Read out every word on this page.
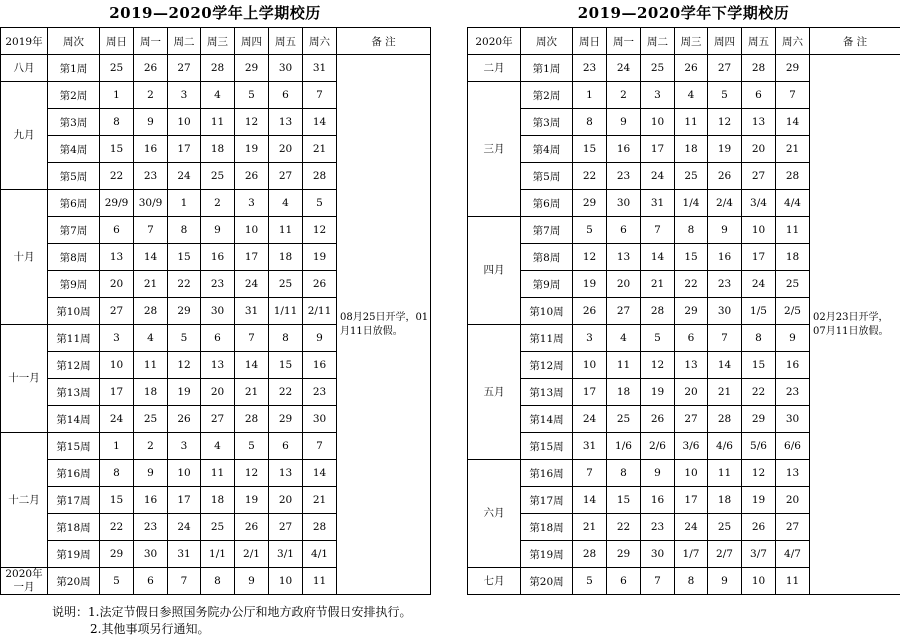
2019—2020学年上学期校历	2019—2020学年下学期校历
2019年	周次	周日	周一	周二	周三	周四	周五	周六	备 注
八月	第1周	25	26	27	28	29	30	31	08月25日开学，01月11日放假。
九月	第2周	1	2	3	4	5	6	7	
	第3周	8	9	10	11	12	13	14	
	第4周	15	16	17	18	19	20	21	
	第5周	22	23	24	25	26	27	28	
十月	第6周	29/9	30/9	1	2	3	4	5	
	第7周	6	7	8	9	10	11	12	
	第8周	13	14	15	16	17	18	19	
	第9周	20	21	22	23	24	25	26	
	第10周	27	28	29	30	31	1/11	2/11	
十一月	第11周	3	4	5	6	7	8	9	
	第12周	10	11	12	13	14	15	16	
	第13周	17	18	19	20	21	22	23	
	第14周	24	25	26	27	28	29	30	
十二月	第15周	1	2	3	4	5	6	7	
	第16周	8	9	10	11	12	13	14	
	第17周	15	16	17	18	19	20	21	
	第18周	22	23	24	25	26	27	28	
	第19周	29	30	31	1/1	2/1	3/1	4/1	
2020年一月	第20周	5	6	7	8	9	10	11	
2020年	周次	周日	周一	周二	周三	周四	周五	周六	备 注
二月	第1周	23	24	25	26	27	28	29	02月23日开学，07月11日放假。
三月	第2周	1	2	3	4	5	6	7	
	第3周	8	9	10	11	12	13	14	
	第4周	15	16	17	18	19	20	21	
	第5周	22	23	24	25	26	27	28	
	第6周	29	30	31	1/4	2/4	3/4	4/4	
四月	第7周	5	6	7	8	9	10	11	
	第8周	12	13	14	15	16	17	18	
	第9周	19	20	21	22	23	24	25	
	第10周	26	27	28	29	30	1/5	2/5	
五月	第11周	3	4	5	6	7	8	9	
	第12周	10	11	12	13	14	15	16	
	第13周	17	18	19	20	21	22	23	
	第14周	24	25	26	27	28	29	30	
	第15周	31	1/6	2/6	3/6	4/6	5/6	6/6	
六月	第16周	7	8	9	10	11	12	13	
	第17周	14	15	16	17	18	19	20	
	第18周	21	22	23	24	25	26	27	
	第19周	28	29	30	1/7	2/7	3/7	4/7	
七月	第20周	5	6	7	8	9	10	11	
说明：1.法定节假日参照国务院办公厅和地方政府节假日安排执行。
2.其他事项另行通知。
